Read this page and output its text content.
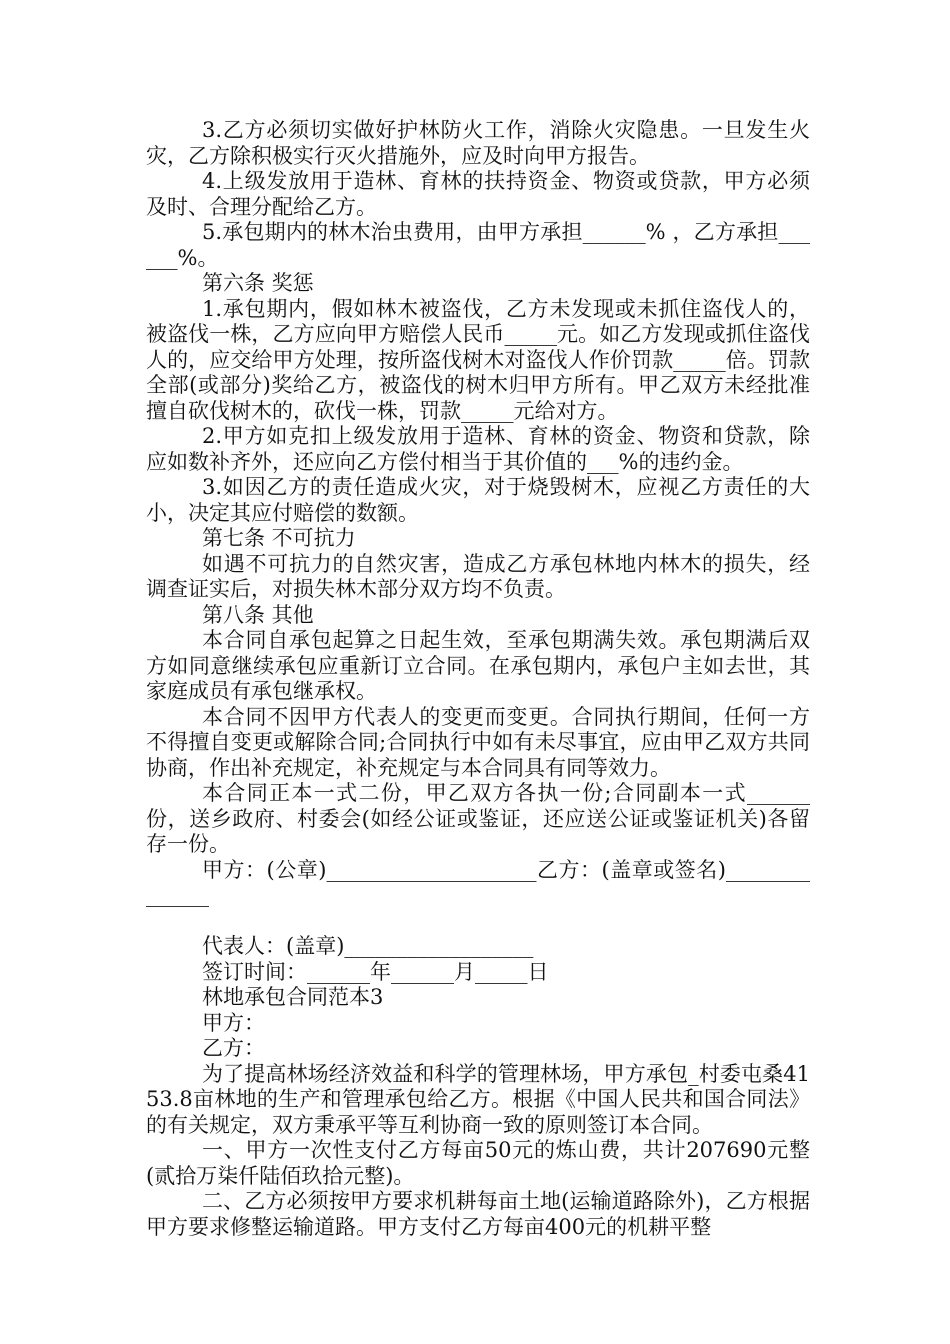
3.乙方必须切实做好护林防火工作，消除火灾隐患。一旦发生火灾，乙方除积极实行灭火措施外，应及时向甲方报告。

4.上级发放用于造林、育林的扶持资金、物资或贷款，甲方必须及时、合理分配给乙方。

5.承包期内的林木治虫费用，由甲方承担______% ，乙方承担______%。

第六条 奖惩

1.承包期内，假如林木被盗伐，乙方未发现或未抓住盗伐人的，被盗伐一株，乙方应向甲方赔偿人民币_____元。如乙方发现或抓住盗伐人的，应交给甲方处理，按所盗伐树木对盗伐人作价罚款_____倍。罚款全部(或部分)奖给乙方，被盗伐的树木归甲方所有。甲乙双方未经批准擅自砍伐树木的，砍伐一株，罚款_____元给对方。

2.甲方如克扣上级发放用于造林、育林的资金、物资和贷款，除应如数补齐外，还应向乙方偿付相当于其价值的___%的违约金。

3.如因乙方的责任造成火灾，对于烧毁树木，应视乙方责任的大小，决定其应付赔偿的数额。

第七条 不可抗力

如遇不可抗力的自然灾害，造成乙方承包林地内林木的损失，经调查证实后，对损失林木部分双方均不负责。

第八条 其他

本合同自承包起算之日起生效，至承包期满失效。承包期满后双方如同意继续承包应重新订立合同。在承包期内，承包户主如去世，其家庭成员有承包继承权。

本合同不因甲方代表人的变更而变更。合同执行期间，任何一方不得擅自变更或解除合同;合同执行中如有未尽事宜，应由甲乙双方共同协商，作出补充规定，补充规定与本合同具有同等效力。

本合同正本一式二份，甲乙双方各执一份;合同副本一式______份，送乡政府、村委会(如经公证或鉴证，还应送公证或鉴证机关)各留存一份。

甲方：(公章)____________________乙方：(盖章或签名)______________

代表人：(盖章)__________________

签订时间：______年______月_____日

林地承包合同范本3

甲方：

乙方：

为了提高林场经济效益和科学的管理林场，甲方承包_村委屯桑4153.8亩林地的生产和管理承包给乙方。根据《中国人民共和国合同法》的有关规定，双方秉承平等互利协商一致的原则签订本合同。

一、甲方一次性支付乙方每亩50元的炼山费，共计207690元整(贰拾万柒仟陆佰玖拾元整)。

二、乙方必须按甲方要求机耕每亩土地(运输道路除外)，乙方根据甲方要求修整运输道路。甲方支付乙方每亩400元的机耕平整
